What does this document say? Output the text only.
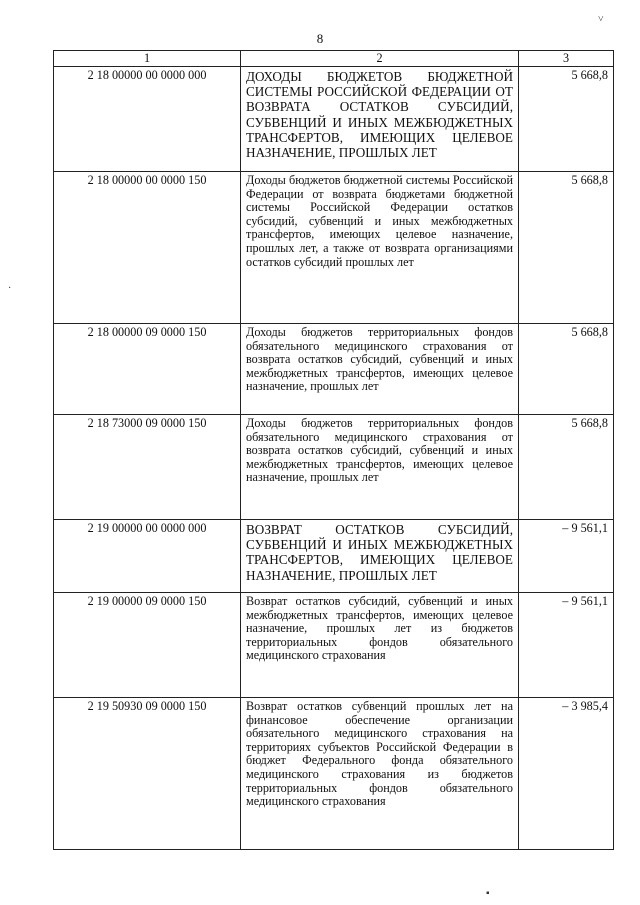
8
˅
·
▪
1	2	3
2 18 00000 00 0000 000	ДОХОДЫ БЮДЖЕТОВ БЮДЖЕТНОЙ СИСТЕМЫ РОССИЙСКОЙ ФЕДЕРАЦИИ ОТ ВОЗВРАТА ОСТАТКОВ СУБСИДИЙ, СУБВЕНЦИЙ И ИНЫХ МЕЖБЮДЖЕТНЫХ ТРАНСФЕРТОВ, ИМЕЮЩИХ ЦЕЛЕВОЕ НАЗНАЧЕНИЕ, ПРОШЛЫХ ЛЕТ	5 668,8
2 18 00000 00 0000 150	Доходы бюджетов бюджетной системы Российской Федерации от возврата бюджетами бюджетной системы Российской Федерации остатков субсидий, субвенций и иных межбюджетных трансфертов, имеющих целевое назначение, прошлых лет, а также от возврата организациями остатков субсидий прошлых лет	5 668,8
2 18 00000 09 0000 150	Доходы бюджетов территориальных фондов обязательного медицинского страхования от возврата остатков субсидий, субвенций и иных межбюджетных трансфертов, имеющих целевое назначение, прошлых лет	5 668,8
2 18 73000 09 0000 150	Доходы бюджетов территориальных фондов обязательного медицинского страхования от возврата остатков субсидий, субвенций и иных межбюджетных трансфертов, имеющих целевое назначение, прошлых лет	5 668,8
2 19 00000 00 0000 000	ВОЗВРАТ ОСТАТКОВ СУБСИДИЙ, СУБВЕНЦИЙ И ИНЫХ МЕЖБЮДЖЕТНЫХ ТРАНСФЕРТОВ, ИМЕЮЩИХ ЦЕЛЕВОЕ НАЗНАЧЕНИЕ, ПРОШЛЫХ ЛЕТ	– 9 561,1
2 19 00000 09 0000 150	Возврат остатков субсидий, субвенций и иных межбюджетных трансфертов, имеющих целевое назначение, прошлых лет из бюджетов территориальных фондов обязательного медицинского страхования	– 9 561,1
2 19 50930 09 0000 150	Возврат остатков субвенций прошлых лет на финансовое обеспечение организации обязательного медицинского страхования на территориях субъектов Российской Федерации в бюджет Федерального фонда обязательного медицинского страхования из бюджетов территориальных фондов обязательного медицинского страхования	– 3 985,4
